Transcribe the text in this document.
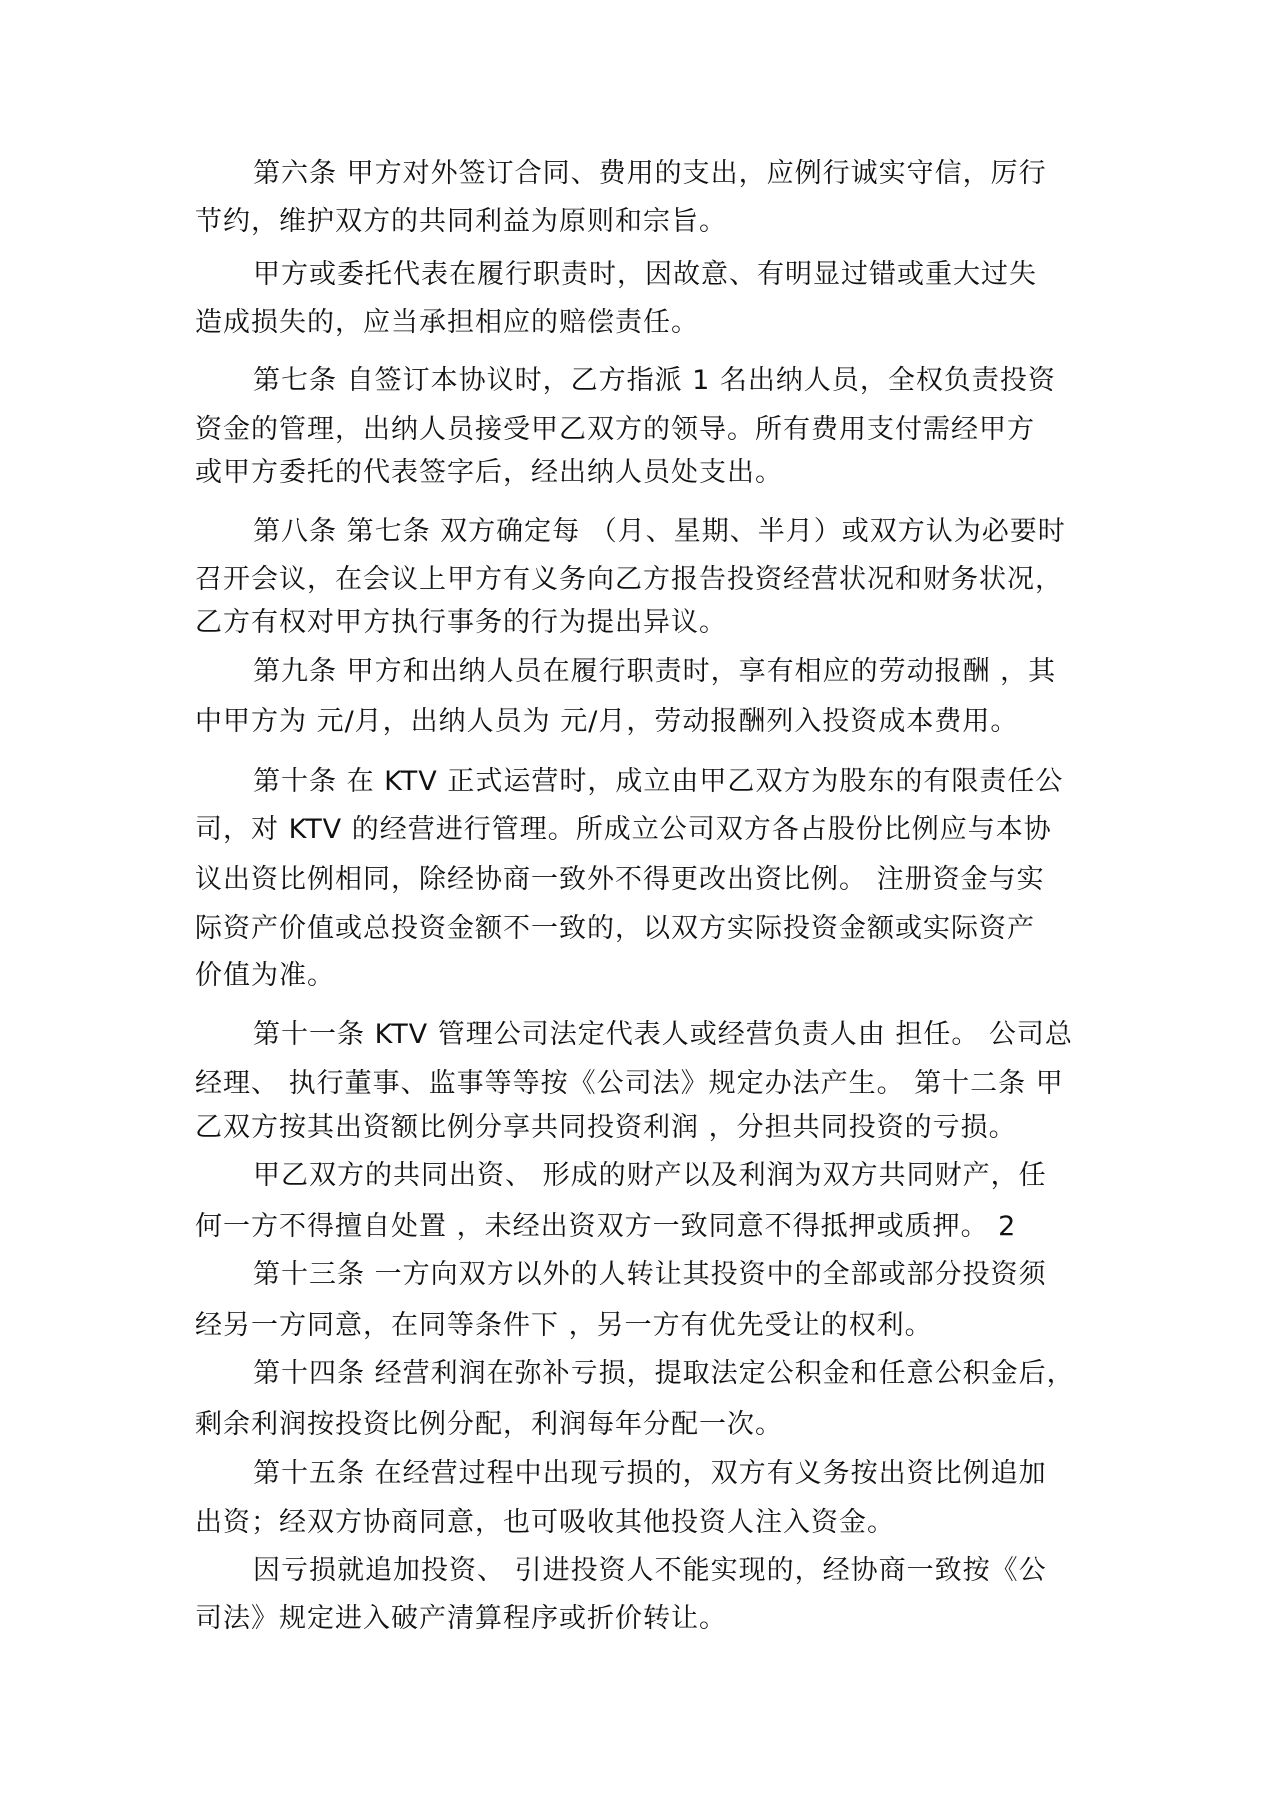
第六条 甲方对外签订合同、费用的支出，应例行诚实守信，厉行
节约，维护双方的共同利益为原则和宗旨。
甲方或委托代表在履行职责时，因故意、有明显过错或重大过失
造成损失的，应当承担相应的赔偿责任。
第七条 自签订本协议时，乙方指派 1 名出纳人员，全权负责投资
资金的管理，出纳人员接受甲乙双方的领导。所有费用支付需经甲方
或甲方委托的代表签字后，经出纳人员处支出。
第八条 第七条 双方确定每 （月、星期、半月）或双方认为必要时
召开会议，在会议上甲方有义务向乙方报告投资经营状况和财务状况，
乙方有权对甲方执行事务的行为提出异议。
第九条 甲方和出纳人员在履行职责时，享有相应的劳动报酬 ，其
中甲方为 元/月，出纳人员为 元/月，劳动报酬列入投资成本费用。
第十条 在 KTV 正式运营时，成立由甲乙双方为股东的有限责任公
司，对 KTV 的经营进行管理。所成立公司双方各占股份比例应与本协
议出资比例相同，除经协商一致外不得更改出资比例。 注册资金与实
际资产价值或总投资金额不一致的，以双方实际投资金额或实际资产
价值为准。
第十一条 KTV 管理公司法定代表人或经营负责人由 担任。 公司总
经理、 执行董事、监事等等按《公司法》规定办法产生。 第十二条 甲
乙双方按其出资额比例分享共同投资利润 ，分担共同投资的亏损。
甲乙双方的共同出资、 形成的财产以及利润为双方共同财产，任
何一方不得擅自处置 ，未经出资双方一致同意不得抵押或质押。 2
第十三条 一方向双方以外的人转让其投资中的全部或部分投资须
经另一方同意，在同等条件下 ，另一方有优先受让的权利。
第十四条 经营利润在弥补亏损，提取法定公积金和任意公积金后，
剩余利润按投资比例分配，利润每年分配一次。
第十五条 在经营过程中出现亏损的，双方有义务按出资比例追加
出资；经双方协商同意，也可吸收其他投资人注入资金。
因亏损就追加投资、 引进投资人不能实现的，经协商一致按《公
司法》规定进入破产清算程序或折价转让。
